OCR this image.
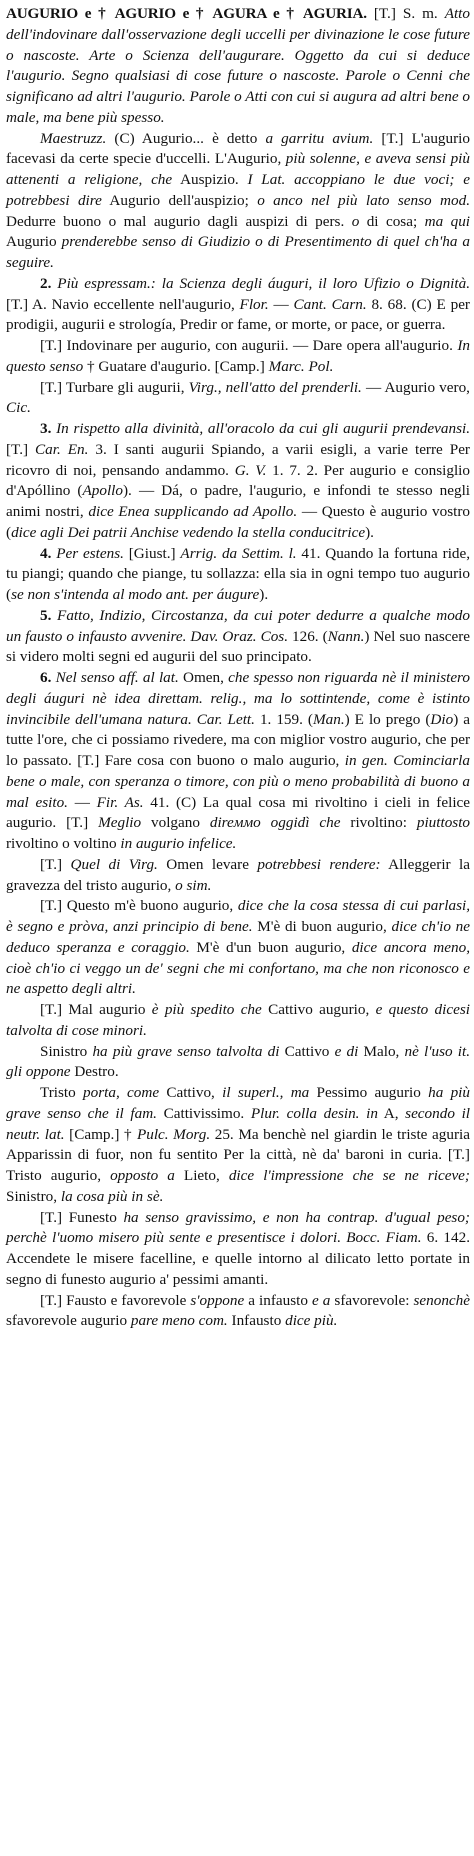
AUGURIO e † AGURIO e † AGURA e † AGURIA. [T.] S. m. Atto dell'indovinare dall'osservazione degli uccelli per divinazione le cose future o nascoste. Arte o Scienza dell'augurare. Oggetto da cui si deduce l'augurio. Segno qualsiasi di cose future o nascoste. Parole o Cenni che significano ad altri l'augurio. Parole o Atti con cui si augura ad altri bene o male, ma bene più spesso.

Maestruzz. (C) Augurio... è detto a garritu avium. [T.] L'augurio facevasi da certe specie d'uccelli. L'Augurio, più solenne, e aveva sensi più attenenti a religione, che Auspizio. I Lat. accoppiano le due voci; e potrebbesi dire Augurio dell'auspizio; o anco nel più lato senso mod. Dedurre buono o mal augurio dagli auspizi di pers. o di cosa; ma qui Augurio prenderebbe senso di Giudizio o di Presentimento di quel ch'ha a seguire.

2. Più espressam.: la Scienza degli áuguri, il loro Ufizio o Dignità. [T.] A. Navio eccellente nell'augurio, Flor. — Cant. Carn. 8. 68. (C) E per prodigii, augurii e strología, Predir or fame, or morte, or pace, or guerra.

[T.] Indovinare per augurio, con augurii. — Dare opera all'augurio. In questo senso † Guatare d'augurio. [Camp.] Marc. Pol.

[T.] Turbare gli augurii, Virg., nell'atto del prenderli. — Augurio vero, Cic.

3. In rispetto alla divinità, all'oracolo da cui gli augurii prendevansi. [T.] Car. En. 3. I santi augurii Spiando, a varii esigli, a varie terre Per ricovro di noi, pensando andammo. G. V. 1. 7. 2. Per augurio e consiglio d'Apóllino (Apollo). — Dá, o padre, l'augurio, e infondi te stesso negli animi nostri, dice Enea supplicando ad Apollo. — Questo è augurio vostro (dice agli Dei patrii Anchise vedendo la stella conducitrice).

4. Per estens. [Giust.] Arrig. da Settim. l. 41. Quando la fortuna ride, tu piangi; quando che piange, tu sollazza: ella sia in ogni tempo tuo augurio (se non s'intenda al modo ant. per áugure).

5. Fatto, Indizio, Circostanza, da cui poter dedurre a qualche modo un fausto o infausto avvenire. Dav. Oraz. Cos. 126. (Nann.) Nel suo nascere si videro molti segni ed augurii del suo principato.

6. Nel senso aff. al lat. Omen, che spesso non riguarda nè il ministero degli áuguri nè idea direttam. relig., ma lo sottintende, come è istinto invincibile dell'umana natura. Car. Lett. 1. 159. (Man.) E lo prego (Dio) a tutte l'ore, che ci possiamo rivedere, ma con miglior vostro augurio, che per lo passato. [T.] Fare cosa con buono o malo augurio, in gen. Cominciarla bene o male, con speranza o timore, con più o meno probabilità di buono a mal esito. — Fir. As. 41. (C) La qual cosa mi rivoltino i cieli in felice augurio. [T.] Meglio volgano direммо oggidì che rivoltino: piuttosto rivoltino o voltino in augurio infelice.

[T.] Quel di Virg. Omen levare potrebbesi rendere: Alleggerir la gravezza del tristo augurio, o sim.

[T.] Questo m'è buono augurio, dice che la cosa stessa di cui parlasi, è segno e pròva, anzi principio di bene. M'è di buon augurio, dice ch'io ne deduco speranza e coraggio. M'è d'un buon augurio, dice ancora meno, cioè ch'io ci veggo un de' segni che mi confortano, ma che non riconosco e ne aspetto degli altri.

[T.] Mal augurio è più spedito che Cattivo augurio, e questo dicesi talvolta di cose minori.

Sinistro ha più grave senso talvolta di Cattivo e di Malo, nè l'uso it. gli oppone Destro.

Tristo porta, come Cattivo, il superl., ma Pessimo augurio ha più grave senso che il fam. Cattivissimo. Plur. colla desin. in A, secondo il neutr. lat. [Camp.] † Pulc. Morg. 25. Ma benchè nel giardin le triste aguria Apparissin di fuor, non fu sentito Per la città, nè da' baroni in curia. [T.] Tristo augurio, opposto a Lieto, dice l'impressione che se ne riceve; Sinistro, la cosa più in sè.

[T.] Funesto ha senso gravissimo, e non ha contrap. d'ugual peso; perchè l'uomo misero più sente e presentisce i dolori. Bocc. Fiam. 6. 142. Accendete le misere facelline, e quelle intorno al dilicato letto portate in segno di funesto augurio a' pessimi amanti.

[T.] Fausto e favorevole s'oppone a infausto e a sfavorevole: senonchè sfavorevole augurio pare meno com. Infausto dice più.
